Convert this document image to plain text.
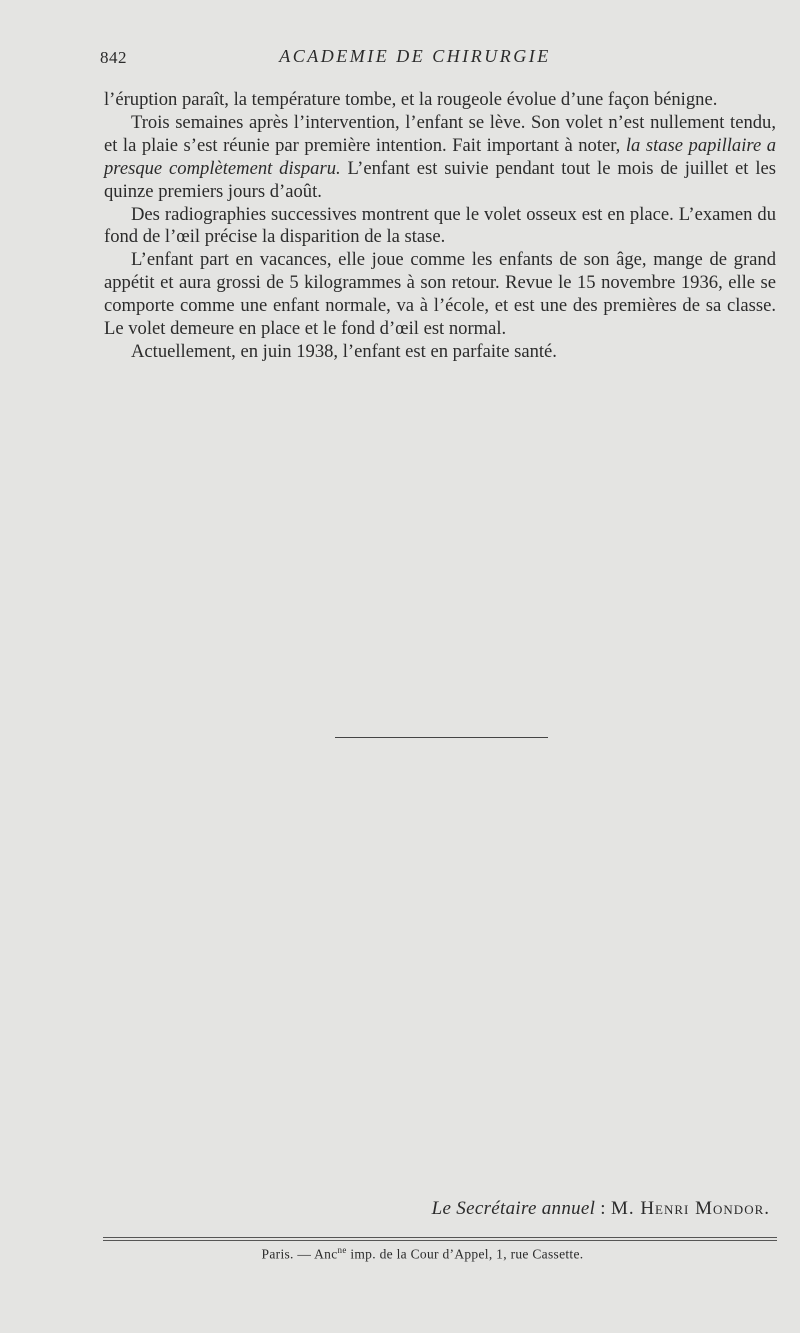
842	ACADEMIE DE CHIRURGIE

l’éruption paraît, la température tombe, et la rougeole évolue d’une façon bénigne.

Trois semaines après l’intervention, l’enfant se lève. Son volet n’est nullement tendu, et la plaie s’est réunie par première intention. Fait important à noter, la stase papillaire a presque complètement disparu. L’enfant est suivie pendant tout le mois de juillet et les quinze premiers jours d’août.

Des radiographies successives montrent que le volet osseux est en place. L’examen du fond de l’œil précise la disparition de la stase.

L’enfant part en vacances, elle joue comme les enfants de son âge, mange de grand appétit et aura grossi de 5 kilogrammes à son retour. Revue le 15 novembre 1936, elle se comporte comme une enfant normale, va à l’école, et est une des premières de sa classe. Le volet demeure en place et le fond d’œil est normal.

Actuellement, en juin 1938, l’enfant est en parfaite santé.

Le Secrétaire annuel : M. Henri Mondor.
Paris. — Anc$^{ne}$ imp. de la Cour d’Appel, 1, rue Cassette.
